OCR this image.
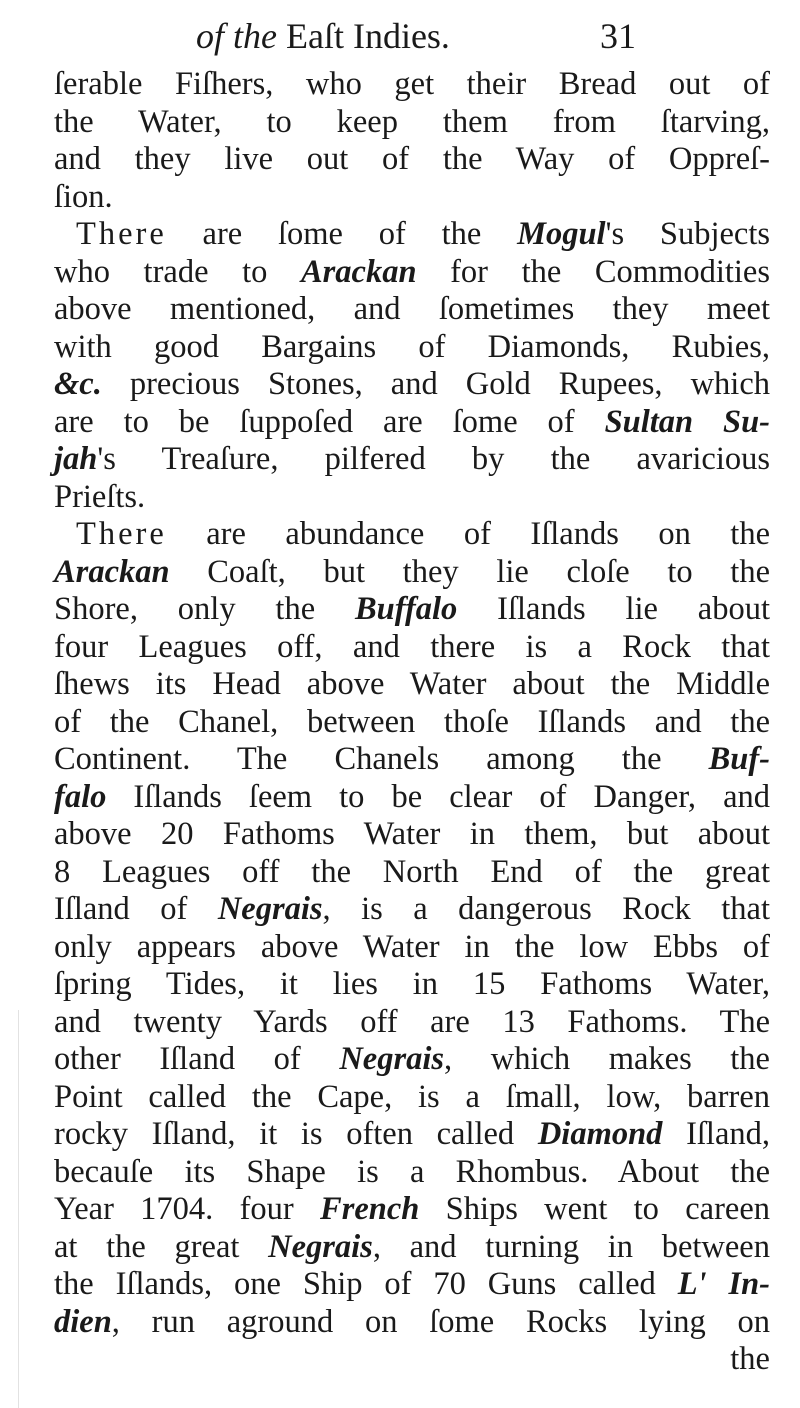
of the Eaſt Indies.	31
ſerable Fiſhers, who get their Bread out of
the Water, to keep them from ſtarving,
and they live out of the Way of Oppreſ-
ſion.
There are ſome of the Mogul's Subjects
who trade to Arackan for the Commodities
above mentioned, and ſometimes they meet
with good Bargains of Diamonds, Rubies,
&c. precious Stones, and Gold Rupees, which
are to be ſuppoſed are ſome of Sultan Su-
jah's Treaſure, pilfered by the avaricious
Prieſts.
There are abundance of Iſlands on the
Arackan Coaſt, but they lie cloſe to the
Shore, only the Buffalo Iſlands lie about
four Leagues off, and there is a Rock that
ſhews its Head above Water about the Middle
of the Chanel, between thoſe Iſlands and the
Continent. The Chanels among the Buf-
falo Iſlands ſeem to be clear of Danger, and
above 20 Fathoms Water in them, but about
8 Leagues off the North End of the great
Iſland of Negrais, is a dangerous Rock that
only appears above Water in the low Ebbs of
ſpring Tides, it lies in 15 Fathoms Water,
and twenty Yards off are 13 Fathoms. The
other Iſland of Negrais, which makes the
Point called the Cape, is a ſmall, low, barren
rocky Iſland, it is often called Diamond Iſland,
becauſe its Shape is a Rhombus. About the
Year 1704. four French Ships went to careen
at the great Negrais, and turning in between
the Iſlands, one Ship of 70 Guns called L' In-
dien, run aground on ſome Rocks lying on
the
